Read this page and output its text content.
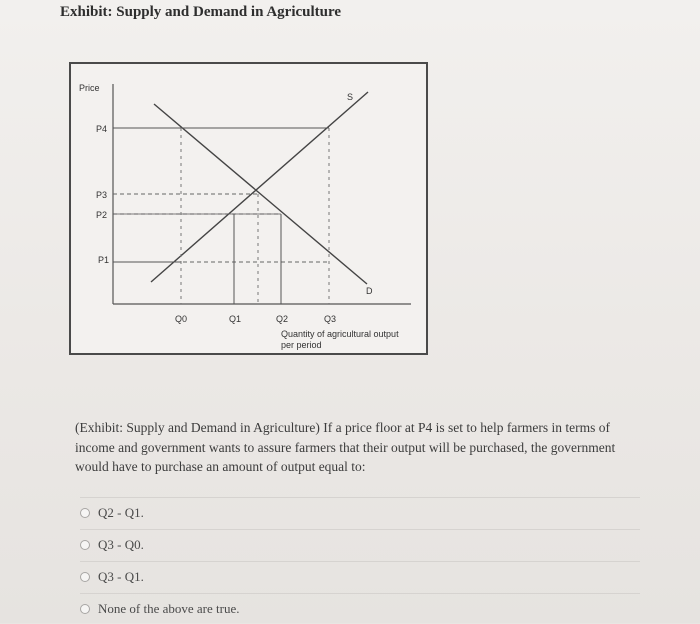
Exhibit: Supply and Demand in Agriculture
Price
P4
P3
P2
P1
Q0	Q1	Q2	Q3
S
D
Quantity of agricultural output
per period
(Exhibit: Supply and Demand in Agriculture) If a price floor at P4 is set to help farmers in terms of income and government wants to assure farmers that their output will be purchased, the government would have to purchase an amount of output equal to:
Q2 - Q1.
Q3 - Q0.
Q3 - Q1.
None of the above are true.
